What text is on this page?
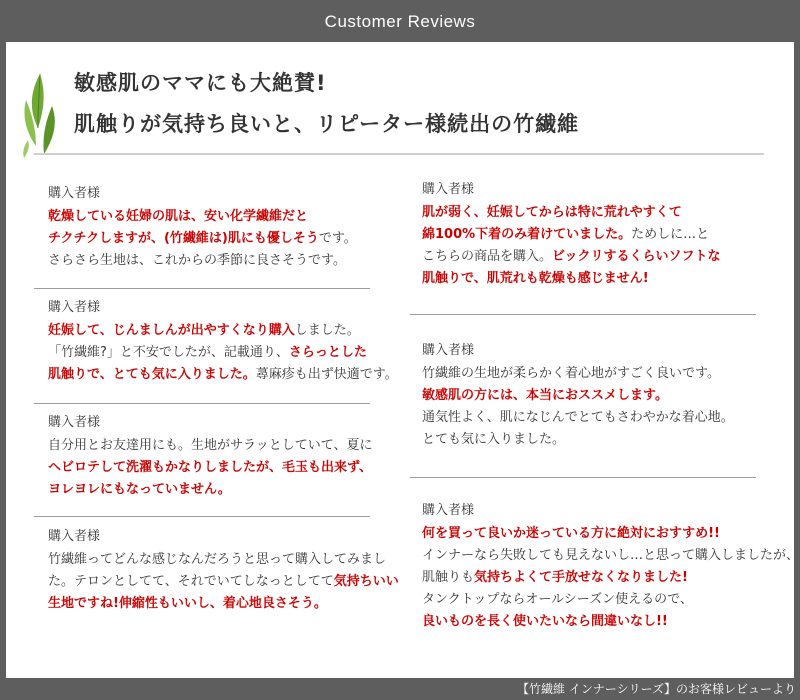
Customer Reviews
敏感肌のママにも大絶賛!
肌触りが気持ち良いと、リピーター様続出の竹繊維
購入者様
乾燥している妊婦の肌は、安い化学繊維だと
チクチクしますが、(竹繊維は)肌にも優しそうです。
さらさら生地は、これからの季節に良さそうです。
購入者様
妊娠して、じんましんが出やすくなり購入しました。
「竹繊維?」と不安でしたが、記載通り、さらっとした
肌触りで、とても気に入りました。蕁麻疹も出ず快適です。
購入者様
自分用とお友達用にも。生地がサラッとしていて、夏に
ヘビロテして洗濯もかなりしましたが、毛玉も出来ず、
ヨレヨレにもなっていません。
購入者様
竹繊維ってどんな感じなんだろうと思って購入してみまし
た。テロンとしてて、それでいてしなっとしてて気持ちいい
生地ですね!伸縮性もいいし、着心地良さそう。
購入者様
肌が弱く、妊娠してからは特に荒れやすくて
綿100%下着のみ着けていました。ためしに…と
こちらの商品を購入。ビックリするくらいソフトな
肌触りで、肌荒れも乾燥も感じません!
購入者様
竹繊維の生地が柔らかく着心地がすごく良いです。
敏感肌の方には、本当におススメします。
通気性よく、肌になじんでとてもさわやかな着心地。
とても気に入りました。
購入者様
何を買って良いか迷っている方に絶対におすすめ!!
インナーなら失敗しても見えないし…と思って購入しましたが、
肌触りも気持ちよくて手放せなくなりました!
タンクトップならオールシーズン使えるので、
良いものを長く使いたいなら間違いなし!!
【竹繊維 インナーシリーズ】のお客様レビューより
